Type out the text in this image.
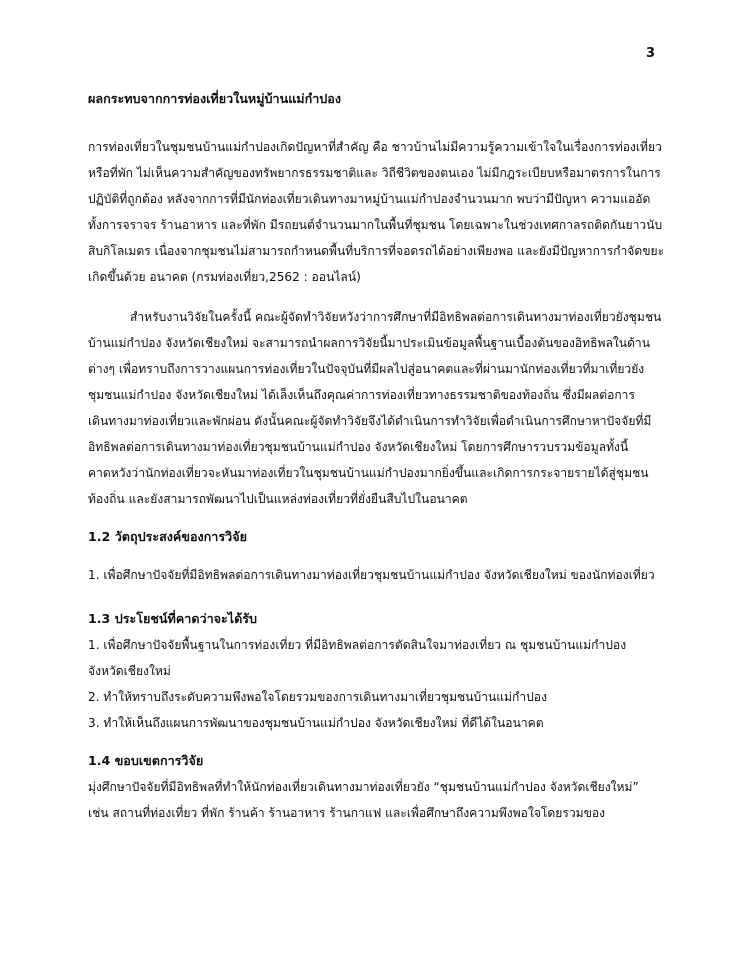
3

ผลกระทบจากการท่องเที่ยวในหมู่บ้านแม่กำปอง

การท่องเที่ยวในชุมชนบ้านแม่กำปองเกิดปัญหาที่สำคัญ คือ ชาวบ้านไม่มีความรู้ความเข้าใจในเรื่องการท่องเที่ยว
หรือที่พัก ไม่เห็นความสำคัญของทรัพยากรธรรมชาติและ วิถีชีวิตของตนเอง ไม่มีกฎระเบียบหรือมาตรการในการ
ปฏิบัติที่ถูกต้อง หลังจากการที่มีนักท่องเที่ยวเดินทางมาหมู่บ้านแม่กำปองจำนวนมาก พบว่ามีปัญหา ความแออัด
ทั้งการจราจร ร้านอาหาร และที่พัก มีรถยนต์จำนวนมากในพื้นที่ชุมชน โดยเฉพาะในช่วงเทศกาลรถติดกันยาวนับ
สิบกิโลเมตร เนื่องจากชุมชนไม่สามารถกำหนดพื้นที่บริการที่จอดรถได้อย่างเพียงพอ และยังมีปัญหาการกำจัดขยะ
เกิดขึ้นด้วย อนาคต (กรมท่องเที่ยว,2562 : ออนไลน์)
สำหรับงานวิจัยในครั้งนี้ คณะผู้จัดทำวิจัยหวังว่าการศึกษาที่มีอิทธิพลต่อการเดินทางมาท่องเที่ยวยังชุมชน
บ้านแม่กำปอง จังหวัดเชียงใหม่ จะสามารถนำผลการวิจัยนี้มาประเมินข้อมูลพื้นฐานเบื้องต้นของอิทธิพลในด้าน
ต่างๆ เพื่อทราบถึงการวางแผนการท่องเที่ยวในปัจจุบันที่มีผลไปสู่อนาคตและที่ผ่านมานักท่องเที่ยวที่มาเที่ยวยัง
ชุมชนแม่กำปอง จังหวัดเชียงใหม่ ได้เล็งเห็นถึงคุณค่าการท่องเที่ยวทางธรรมชาติของท้องถิ่น ซึ่งมีผลต่อการ
เดินทางมาท่องเที่ยวและพักผ่อน ดังนั้นคณะผู้จัดทำวิจัยจึงได้ดำเนินการทำวิจัยเพื่อดำเนินการศึกษาหาปัจจัยที่มี
อิทธิพลต่อการเดินทางมาท่องเที่ยวชุมชนบ้านแม่กำปอง จังหวัดเชียงใหม่ โดยการศึกษารวบรวมข้อมูลทั้งนี้
คาดหวังว่านักท่องเที่ยวจะหันมาท่องเที่ยวในชุมชนบ้านแม่กำปองมากยิ่งขึ้นและเกิดการกระจายรายได้สู่ชุมชน
ท้องถิ่น และยังสามารถพัฒนาไปเป็นแหล่งท่องเที่ยวที่ยั่งยืนสืบไปในอนาคต

1.2 วัตถุประสงค์ของการวิจัย

1. เพื่อศึกษาปัจจัยที่มีอิทธิพลต่อการเดินทางมาท่องเที่ยวชุมชนบ้านแม่กำปอง จังหวัดเชียงใหม่ ของนักท่องเที่ยว

1.3 ประโยชน์ที่คาดว่าจะได้รับ

1. เพื่อศึกษาปัจจัยพื้นฐานในการท่องเที่ยว ที่มีอิทธิพลต่อการตัดสินใจมาท่องเที่ยว ณ ชุมชนบ้านแม่กำปอง
จังหวัดเชียงใหม่
2. ทำให้ทราบถึงระดับความพึงพอใจโดยรวมของการเดินทางมาเที่ยวชุมชนบ้านแม่กำปอง
3. ทำให้เห็นถึงแผนการพัฒนาของชุมชนบ้านแม่กำปอง จังหวัดเชียงใหม่ ที่ดีได้ในอนาคต

1.4 ขอบเขตการวิจัย

มุ่งศึกษาปัจจัยที่มีอิทธิพลที่ทำให้นักท่องเที่ยวเดินทางมาท่องเที่ยวยัง “ชุมชนบ้านแม่กำปอง จังหวัดเชียงใหม่”
เช่น สถานที่ท่องเที่ยว ที่พัก ร้านค้า ร้านอาหาร ร้านกาแฟ และเพื่อศึกษาถึงความพึงพอใจโดยรวมของ
